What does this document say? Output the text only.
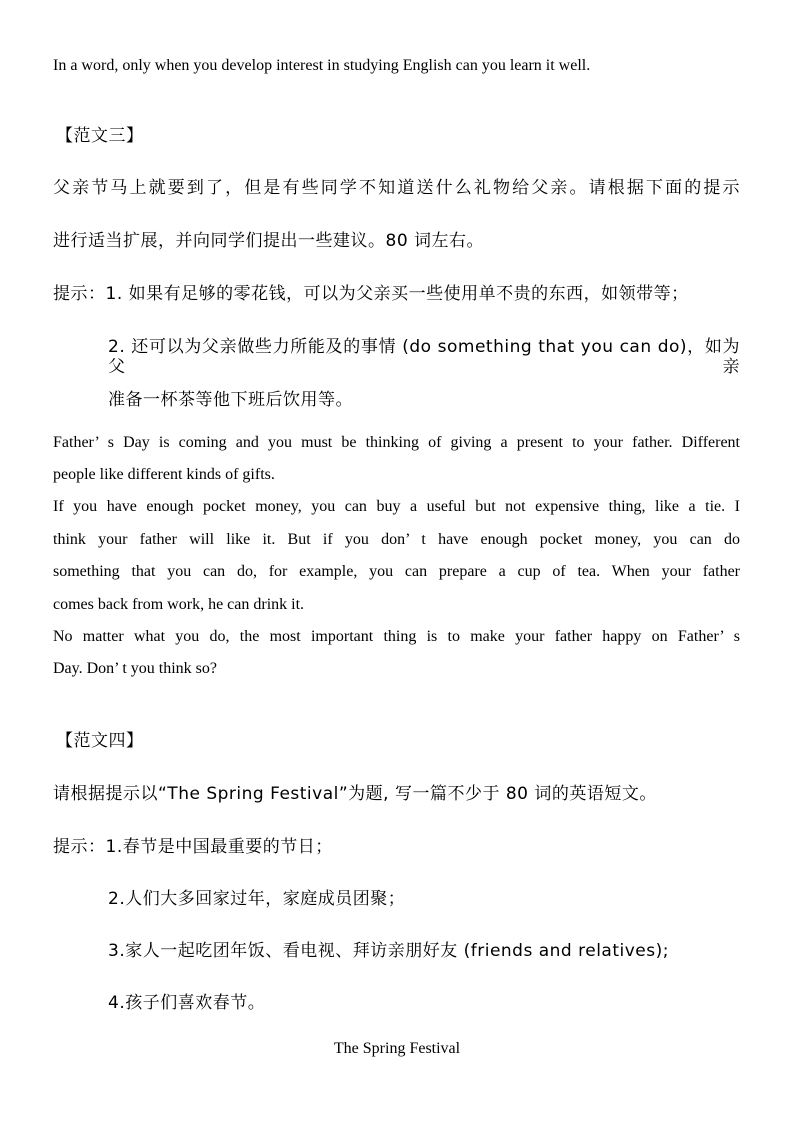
In a word, only when you develop interest in studying English can you learn it well.
【范文三】
父亲节马上就要到了，但是有些同学不知道送什么礼物给父亲。请根据下面的提示
进行适当扩展，并向同学们提出一些建议。80 词左右。
提示：1. 如果有足够的零花钱，可以为父亲买一些使用单不贵的东西，如领带等；
2. 还可以为父亲做些力所能及的事情 (do something that you can do)，如为父亲
准备一杯茶等他下班后饮用等。
Father’ s Day is coming and you must be thinking of giving a present to your father. Different
people like different kinds of gifts.
If you have enough pocket money, you can buy a useful but not expensive thing, like a tie. I
think your father will like it. But if you don’ t have enough pocket money, you can do
something that you can do, for example, you can prepare a cup of tea. When your father
comes back from work, he can drink it.
No matter what you do, the most important thing is to make your father happy on Father’ s
Day. Don’ t you think so?
【范文四】
请根据提示以“The Spring Festival”为题, 写一篇不少于 80 词的英语短文。
提示：1.春节是中国最重要的节日；
2.人们大多回家过年，家庭成员团聚；
3.家人一起吃团年饭、看电视、拜访亲朋好友 (friends and relatives);
4.孩子们喜欢春节。
The Spring Festival
